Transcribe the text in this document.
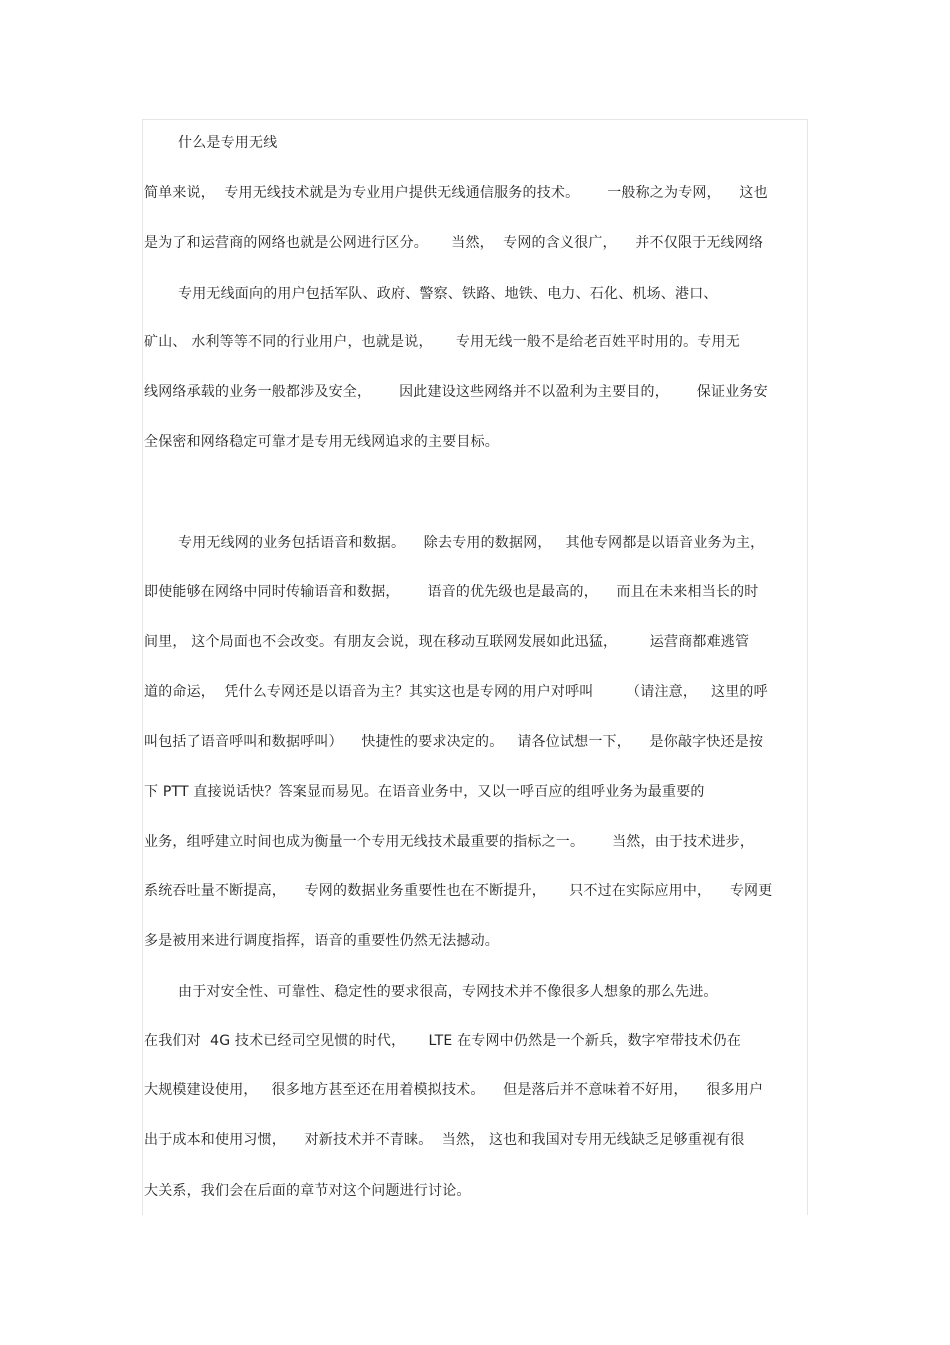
什么是专用无线
简单来说，  专用无线技术就是为专业用户提供无线通信服务的技术。      一般称之为专网，    这也
是为了和运营商的网络也就是公网进行区分。     当然，  专网的含义很广，    并不仅限于无线网络
专用无线面向的用户包括军队、政府、警察、铁路、地铁、电力、石化、机场、港口、
矿山、 水利等等不同的行业用户，也就是说，     专用无线一般不是给老百姓平时用的。专用无
线网络承载的业务一般都涉及安全，      因此建设这些网络并不以盈利为主要目的，      保证业务安
全保密和网络稳定可靠才是专用无线网追求的主要目标。
专用无线网的业务包括语音和数据。    除去专用的数据网，   其他专网都是以语音业务为主，
即使能够在网络中同时传输语音和数据，      语音的优先级也是最高的，    而且在未来相当长的时
间里， 这个局面也不会改变。有朋友会说，现在移动互联网发展如此迅猛，       运营商都难逃管
道的命运，  凭什么专网还是以语音为主？其实这也是专网的用户对呼叫       （请注意，   这里的呼
叫包括了语音呼叫和数据呼叫）    快捷性的要求决定的。   请各位试想一下，    是你敲字快还是按
下 PTT 直接说话快？答案显而易见。在语音业务中，又以一呼百应的组呼业务为最重要的
业务，组呼建立时间也成为衡量一个专用无线技术最重要的指标之一。      当然，由于技术进步，
系统吞吐量不断提高，    专网的数据业务重要性也在不断提升，     只不过在实际应用中，    专网更
多是被用来进行调度指挥，语音的重要性仍然无法撼动。
由于对安全性、可靠性、稳定性的要求很高，专网技术并不像很多人想象的那么先进。
在我们对  4G 技术已经司空见惯的时代，     LTE 在专网中仍然是一个新兵，数字窄带技术仍在
大规模建设使用，   很多地方甚至还在用着模拟技术。    但是落后并不意味着不好用，    很多用户
出于成本和使用习惯，    对新技术并不青睐。  当然， 这也和我国对专用无线缺乏足够重视有很
大关系，我们会在后面的章节对这个问题进行讨论。
